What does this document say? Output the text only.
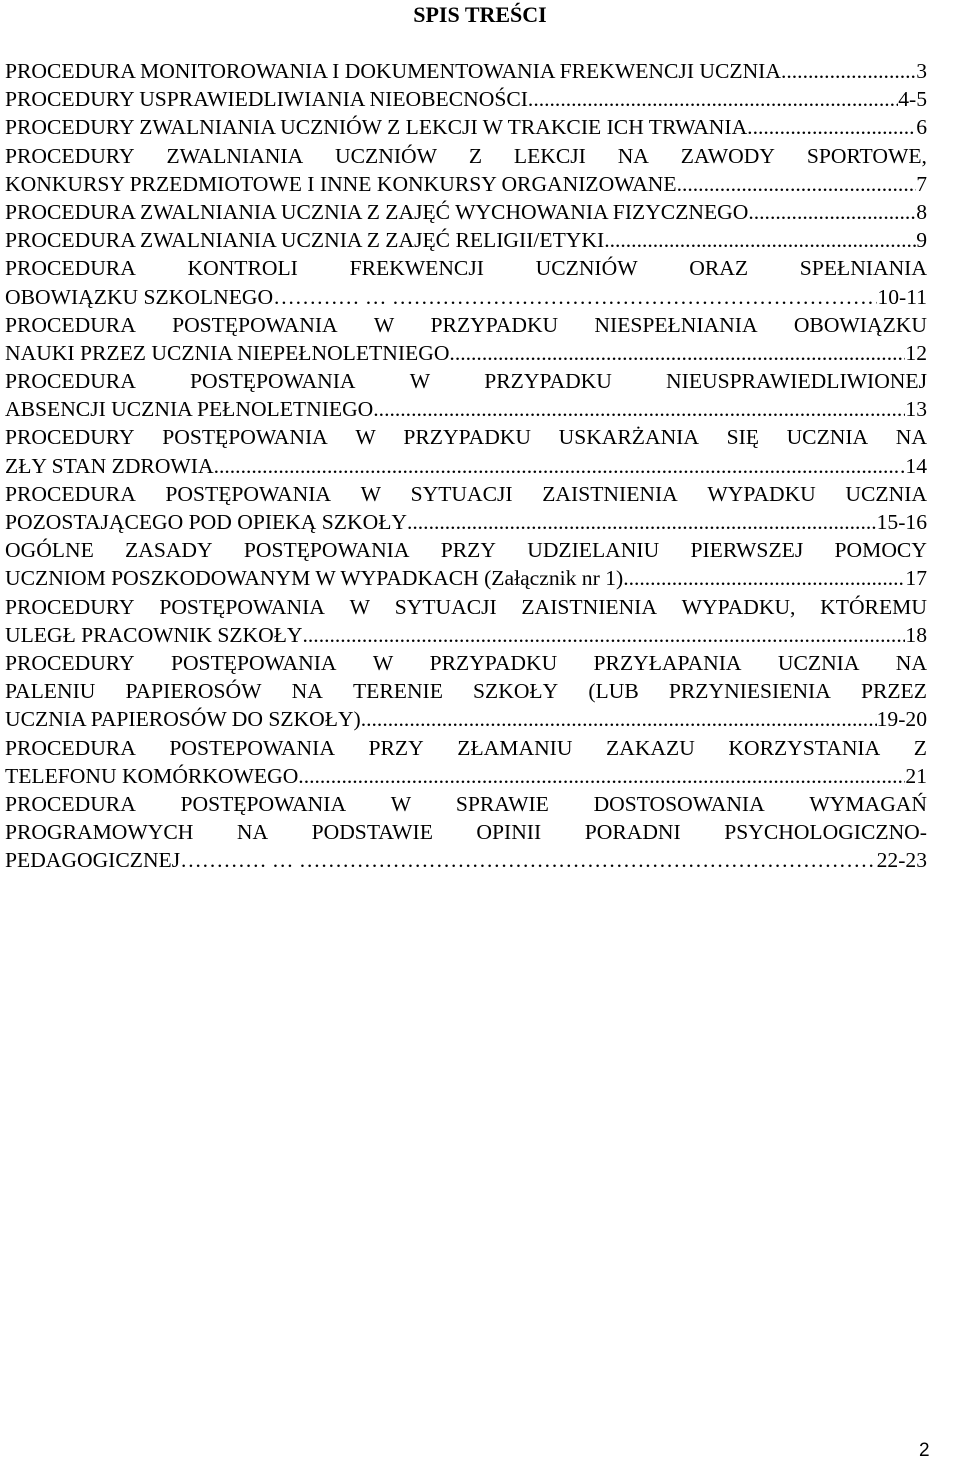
SPIS TREŚCI
PROCEDURA MONITOROWANIA I DOKUMENTOWANIA FREKWENCJI UCZNIA .....	3
PROCEDURY USPRAWIEDLIWIANIA NIEOBECNOŚCI .....	4-5
PROCEDURY ZWALNIANIA UCZNIÓW Z LEKCJI W TRAKCIE ICH TRWANIA .....	6
PROCEDURY ZWALNIANIA UCZNIÓW Z LEKCJI NA ZAWODY SPORTOWE,
KONKURSY PRZEDMIOTOWE I INNE KONKURSY ORGANIZOWANE .....	7
PROCEDURA ZWALNIANIA UCZNIA Z ZAJĘĆ WYCHOWANIA FIZYCZNEGO .....	8
PROCEDURA ZWALNIANIA UCZNIA Z ZAJĘĆ RELIGII/ETYKI .....	9
PROCEDURA KONTROLI FREKWENCJI UCZNIÓW ORAZ SPEŁNIANIA
OBOWIĄZKU SZKOLNEGO ………… … ………………………………………………………………………………	10-11
PROCEDURA POSTĘPOWANIA W PRZYPADKU NIESPEŁNIANIA OBOWIĄZKU
NAUKI PRZEZ UCZNIA NIEPEŁNOLETNIEGO .....	12
PROCEDURA	POSTĘPOWANIA	W	PRZYPADKU	NIEUSPRAWIEDLIWIONEJ
ABSENCJI UCZNIA PEŁNOLETNIEGO .....	13
PROCEDURY POSTĘPOWANIA W PRZYPADKU USKARŻANIA SIĘ UCZNIA NA
ZŁY STAN ZDROWIA .....	.14
PROCEDURA POSTĘPOWANIA W SYTUACJI ZAISTNIENIA WYPADKU UCZNIA
POZOSTAJĄCEGO POD OPIEKĄ SZKOŁY .....	15-16
OGÓLNE ZASADY POSTĘPOWANIA PRZY UDZIELANIU PIERWSZEJ POMOCY
UCZNIOM POSZKODOWANYM W WYPADKACH (Załącznik nr 1) .....	17
PROCEDURY POSTĘPOWANIA W SYTUACJI ZAISTNIENIA WYPADKU, KTÓREMU
ULEGŁ PRACOWNIK SZKOŁY .....	18
PROCEDURY POSTĘPOWANIA W PRZYPADKU PRZYŁAPANIA UCZNIA NA
PALENIU PAPIEROSÓW NA TERENIE SZKOŁY (LUB PRZYNIESIENIA PRZEZ
UCZNIA PAPIEROSÓW DO SZKOŁY) .....	19-20
PROCEDURA POSTEPOWANIA PRZY ZŁAMANIU ZAKAZU KORZYSTANIA Z
TELEFONU KOMÓRKOWEGO .....	21
PROCEDURA POSTĘPOWANIA W SPRAWIE DOSTOSOWANIA WYMAGAŃ
PROGRAMOWYCH NA PODSTAWIE OPINII PORADNI PSYCHOLOGICZNO-
PEDAGOGICZNEJ ………… … ………………………………………………………………………………	22-23
2
